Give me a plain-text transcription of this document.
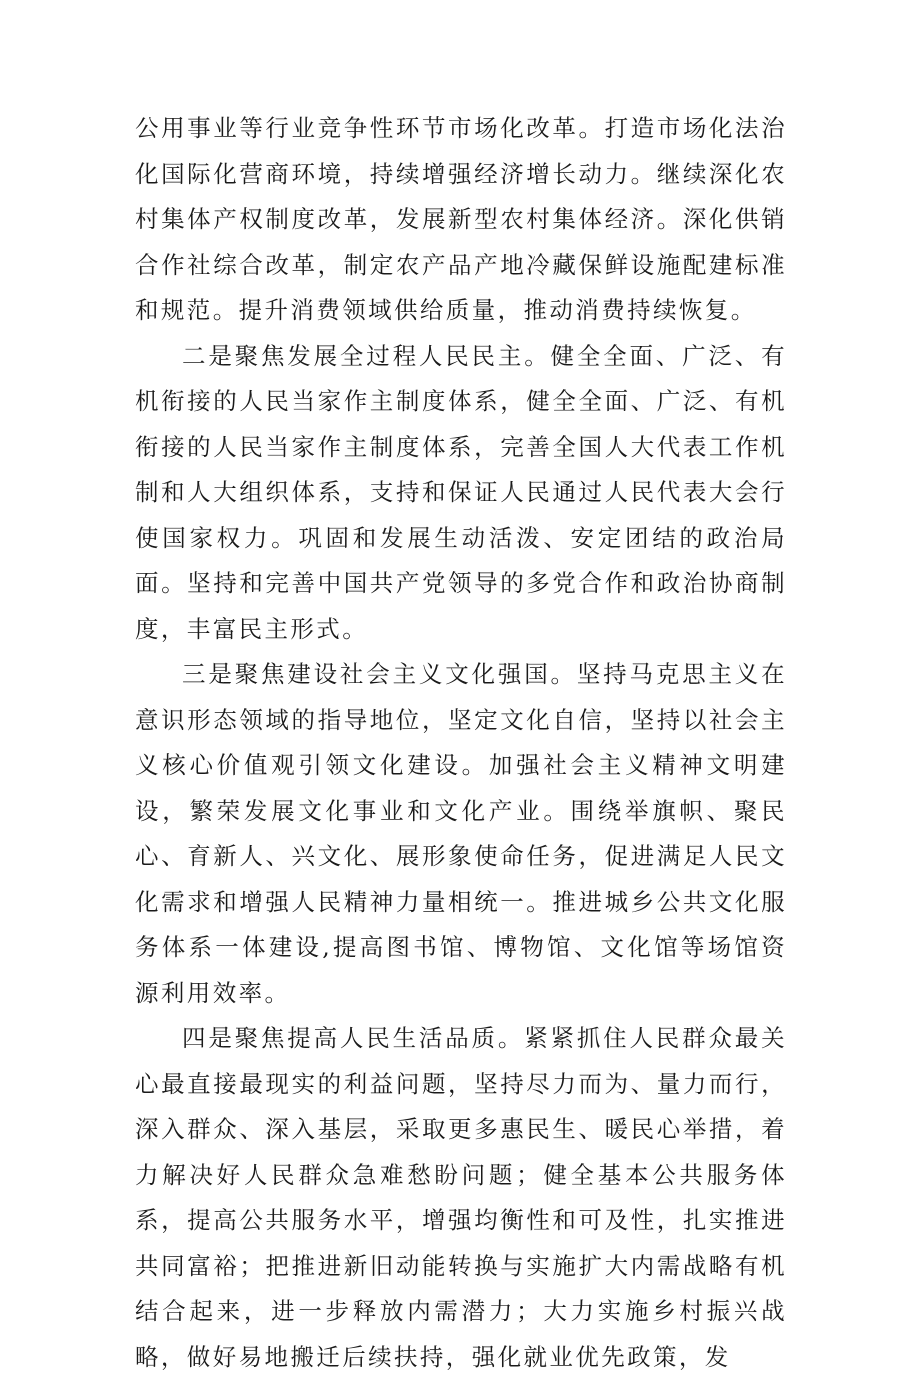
公用事业等行业竞争性环节市场化改革。打造市场化法治化国际化营商环境，持续增强经济增长动力。继续深化农村集体产权制度改革，发展新型农村集体经济。深化供销合作社综合改革，制定农产品产地冷藏保鲜设施配建标准和规范。提升消费领域供给质量，推动消费持续恢复。

二是聚焦发展全过程人民民主。健全全面、广泛、有机衔接的人民当家作主制度体系，健全全面、广泛、有机衔接的人民当家作主制度体系，完善全国人大代表工作机制和人大组织体系，支持和保证人民通过人民代表大会行使国家权力。巩固和发展生动活泼、安定团结的政治局面。坚持和完善中国共产党领导的多党合作和政治协商制度，丰富民主形式。

三是聚焦建设社会主义文化强国。坚持马克思主义在意识形态领域的指导地位，坚定文化自信，坚持以社会主义核心价值观引领文化建设。加强社会主义精神文明建设，繁荣发展文化事业和文化产业。围绕举旗帜、聚民心、育新人、兴文化、展形象使命任务，促进满足人民文化需求和增强人民精神力量相统一。推进城乡公共文化服务体系一体建设,提高图书馆、博物馆、文化馆等场馆资源利用效率。

四是聚焦提高人民生活品质。紧紧抓住人民群众最关心最直接最现实的利益问题，坚持尽力而为、量力而行，深入群众、深入基层，采取更多惠民生、暖民心举措，着力解决好人民群众急难愁盼问题；健全基本公共服务体系，提高公共服务水平，增强均衡性和可及性，扎实推进共同富裕；把推进新旧动能转换与实施扩大内需战略有机结合起来，进一步释放内需潜力；大力实施乡村振兴战略，做好易地搬迁后续扶持，强化就业优先政策，发
